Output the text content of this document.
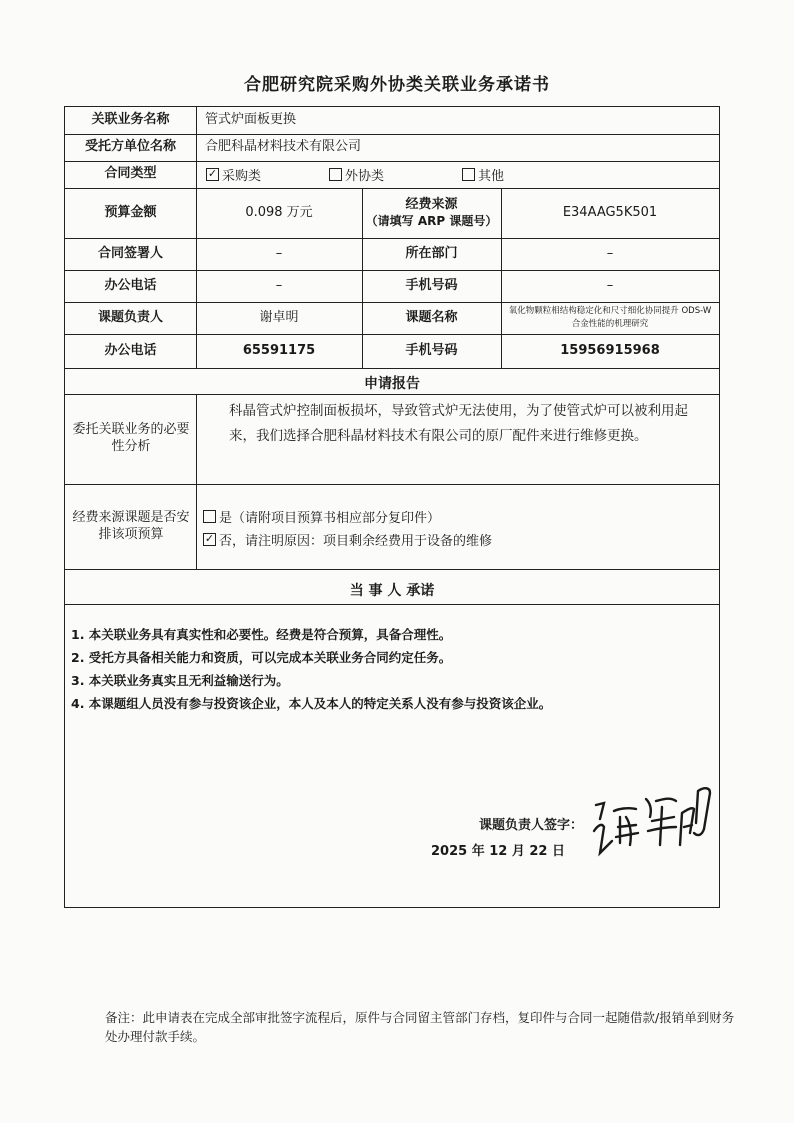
合肥研究院采购外协类关联业务承诺书
关联业务名称	管式炉面板更换
受托方单位名称	合肥科晶材料技术有限公司
合同类型
✓	采购类	外协类	其他
预算金额	0.098 万元
经费来源
（请填写 ARP 课题号）
E34AAG5K501
合同签署人	–	所在部门	–
办公电话	–	手机号码	–
课题负责人	谢卓明	课题名称	氧化物颗粒相结构稳定化和尺寸细化协同提升 ODS-W 合金性能的机理研究
办公电话	65591175	手机号码	15956915968
申请报告
委托关联业务的必要性分析
科晶管式炉控制面板损坏，导致管式炉无法使用，为了使管式炉可以被利用起来，我们选择合肥科晶材料技术有限公司的原厂配件来进行维修更换。
经费来源课题是否安排该项预算
是（请附项目预算书相应部分复印件）
✓
否，请注明原因：项目剩余经费用于设备的维修
当 事 人 承诺
1. 本关联业务具有真实性和必要性。经费是符合预算，具备合理性。
2. 受托方具备相关能力和资质，可以完成本关联业务合同约定任务。
3. 本关联业务真实且无利益输送行为。
4. 本课题组人员没有参与投资该企业，本人及本人的特定关系人没有参与投资该企业。
课题负责人签字：
2025 年 12 月 22 日
备注：此申请表在完成全部审批签字流程后，原件与合同留主管部门存档，复印件与合同一起随借款/报销单到财务处办理付款手续。
